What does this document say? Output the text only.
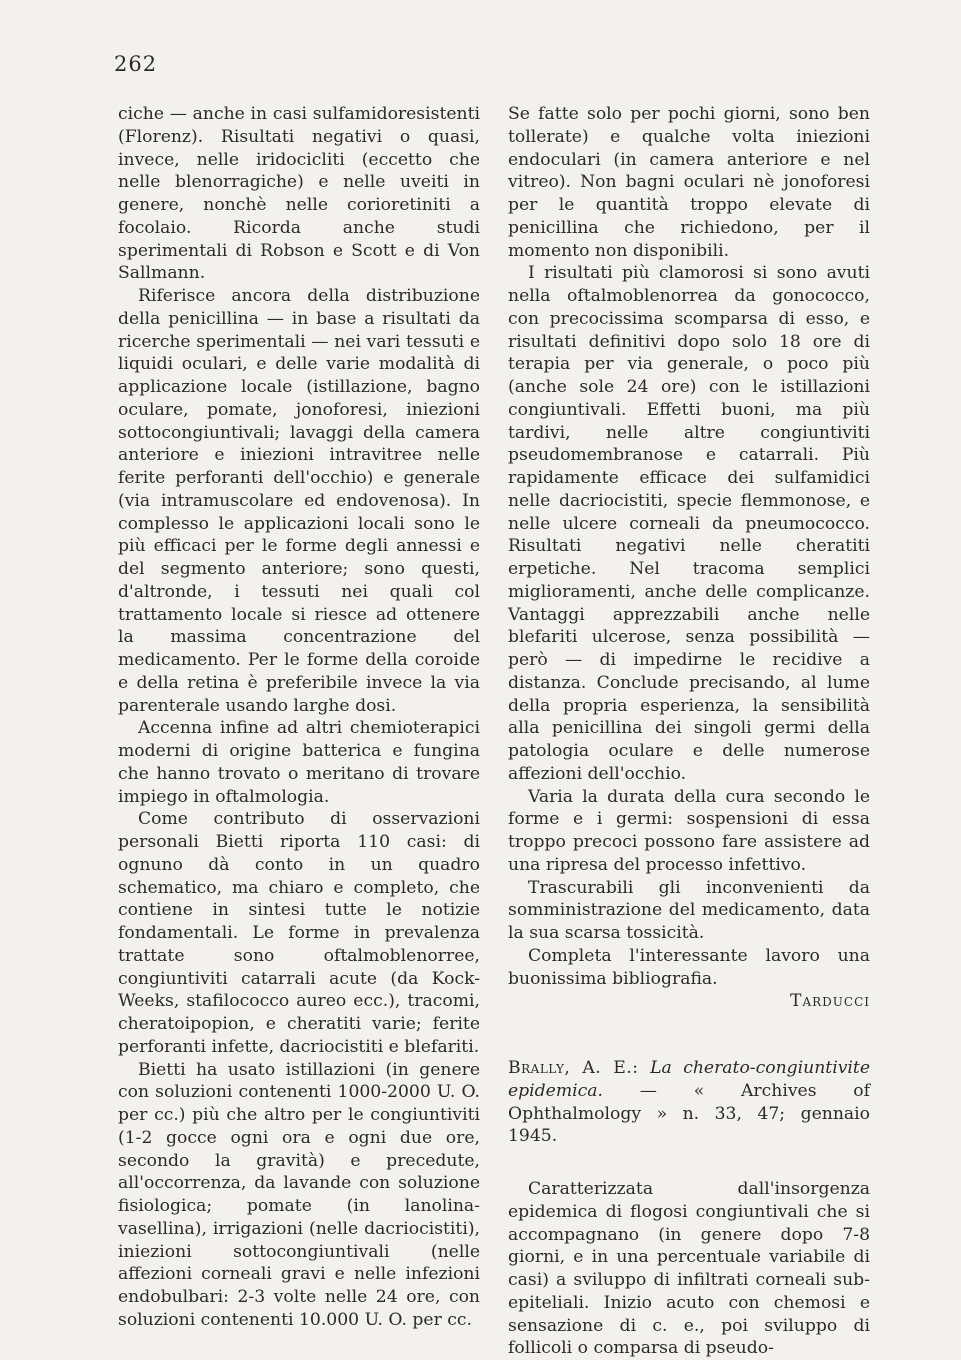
262

ciche — anche in casi sulfamidoresistenti (Florenz). Risultati negativi o quasi, invece, nelle iridocicliti (eccetto che nelle blenorragiche) e nelle uveiti in genere, nonchè nelle corioretiniti a focolaio. Ricorda anche studi sperimentali di Robson e Scott e di Von Sallmann.

Riferisce ancora della distribuzione della penicillina — in base a risultati da ricerche sperimentali — nei vari tessuti e liquidi oculari, e delle varie modalità di applicazione locale (istillazione, bagno oculare, pomate, jonoforesi, iniezioni sottocongiuntivali; lavaggi della camera anteriore e iniezioni intravitree nelle ferite perforanti dell'occhio) e generale (via intramuscolare ed endovenosa). In complesso le applicazioni locali sono le più efficaci per le forme degli annessi e del segmento anteriore; sono questi, d'altronde, i tessuti nei quali col trattamento locale si riesce ad ottenere la massima concentrazione del medicamento. Per le forme della coroide e della retina è preferibile invece la via parenterale usando larghe dosi.

Accenna infine ad altri chemioterapici moderni di origine batterica e fungina che hanno trovato o meritano di trovare impiego in oftalmologia.

Come contributo di osservazioni personali Bietti riporta 110 casi: di ognuno dà conto in un quadro schematico, ma chiaro e completo, che contiene in sintesi tutte le notizie fondamentali. Le forme in prevalenza trattate sono oftalmoblenorree, congiuntiviti catarrali acute (da Kock-Weeks, stafilococco aureo ecc.), tracomi, cheratoipopion, e cheratiti varie; ferite perforanti infette, dacriocistiti e blefariti.

Bietti ha usato istillazioni (in genere con soluzioni contenenti 1000-2000 U. O. per cc.) più che altro per le congiuntiviti (1-2 gocce ogni ora e ogni due ore, secondo la gravità) e precedute, all'occorrenza, da lavande con soluzione fisiologica; pomate (in lanolina-vasellina), irrigazioni (nelle dacriocistiti), iniezioni sottocongiuntivali (nelle affezioni corneali gravi e nelle infezioni endobulbari: 2-3 volte nelle 24 ore, con soluzioni contenenti 10.000 U. O. per cc.

Se fatte solo per pochi giorni, sono ben tollerate) e qualche volta iniezioni endoculari (in camera anteriore e nel vitreo). Non bagni oculari nè jonoforesi per le quantità troppo elevate di penicillina che richiedono, per il momento non disponibili.

I risultati più clamorosi si sono avuti nella oftalmoblenorrea da gonococco, con precocissima scomparsa di esso, e risultati definitivi dopo solo 18 ore di terapia per via generale, o poco più (anche sole 24 ore) con le istillazioni congiuntivali. Effetti buoni, ma più tardivi, nelle altre congiuntiviti pseudomembranose e catarrali. Più rapidamente efficace dei sulfamidici nelle dacriocistiti, specie flemmonose, e nelle ulcere corneali da pneumococco. Risultati negativi nelle cheratiti erpetiche. Nel tracoma semplici miglioramenti, anche delle complicanze. Vantaggi apprezzabili anche nelle blefariti ulcerose, senza possibilità — però — di impedirne le recidive a distanza. Conclude precisando, al lume della propria esperienza, la sensibilità alla penicillina dei singoli germi della patologia oculare e delle numerose affezioni dell'occhio.

Varia la durata della cura secondo le forme e i germi: sospensioni di essa troppo precoci possono fare assistere ad una ripresa del processo infettivo.

Trascurabili gli inconvenienti da somministrazione del medicamento, data la sua scarsa tossicità.

Completa l'interessante lavoro una buonissima bibliografia.

Tarducci

Brally, A. E.: La cherato-congiuntivite epidemica. — « Archives of Ophthalmology » n. 33, 47; gennaio 1945.

Caratterizzata dall'insorgenza epidemica di flogosi congiuntivali che si accompagnano (in genere dopo 7-8 giorni, e in una percentuale variabile di casi) a sviluppo di infiltrati corneali sub-epiteliali. Inizio acuto con chemosi e sensazione di c. e., poi sviluppo di follicoli o comparsa di pseudo-
